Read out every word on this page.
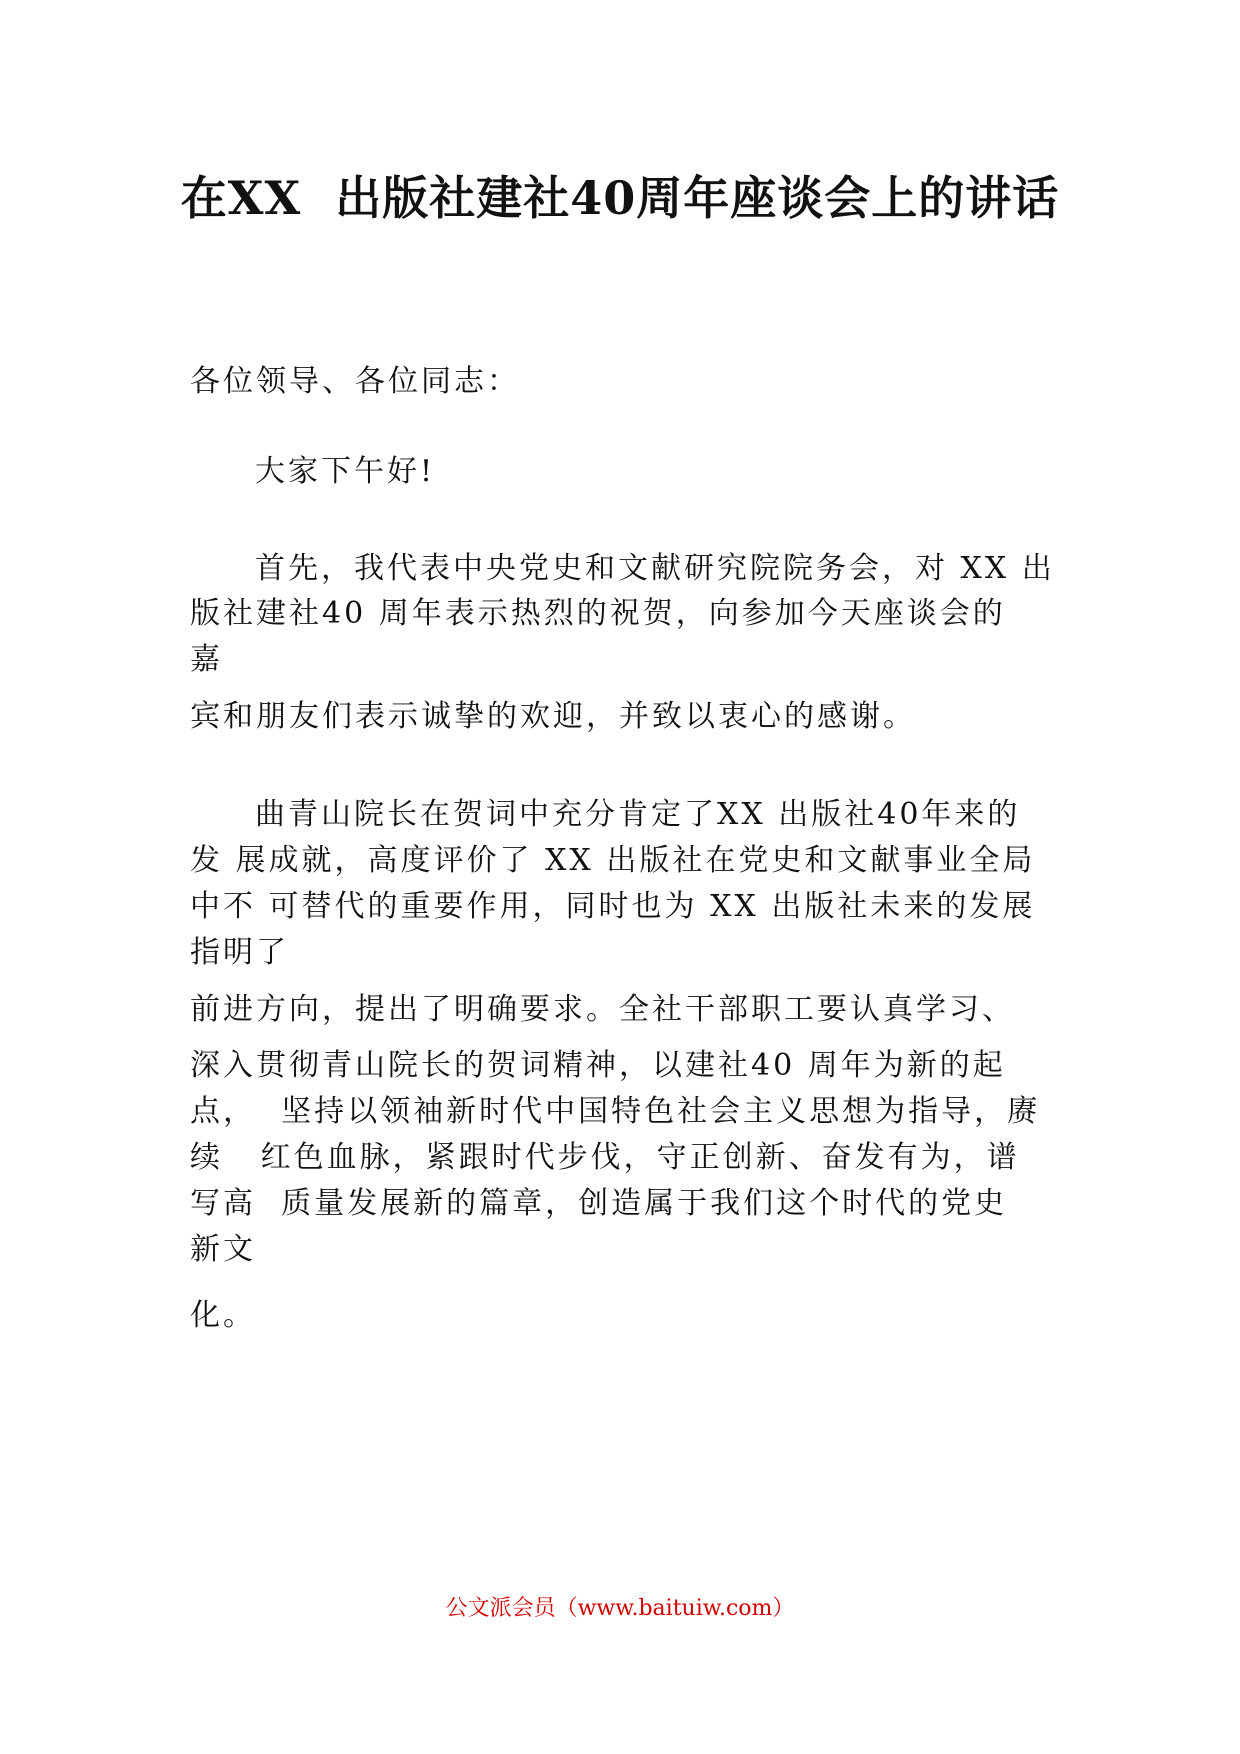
在XX  出版社建社40周年座谈会上的讲话
各位领导、各位同志：
大家下午好!
首先，我代表中央党史和文献研究院院务会，对 XX 出
版社建社40 周年表示热烈的祝贺，向参加今天座谈会的
嘉
宾和朋友们表示诚挚的欢迎，并致以衷心的感谢。
曲青山院长在贺词中充分肯定了XX 出版社40年来的
发 展成就，高度评价了 XX 出版社在党史和文献事业全局
中不 可替代的重要作用，同时也为 XX 出版社未来的发展
指明了
前进方向，提出了明确要求。全社干部职工要认真学习、
深入贯彻青山院长的贺词精神，以建社40 周年为新的起
点，  坚持以领袖新时代中国特色社会主义思想为指导，赓
续   红色血脉，紧跟时代步伐，守正创新、奋发有为，谱
写高  质量发展新的篇章，创造属于我们这个时代的党史
新文
化。
公文派会员（www.baituiw.com）
